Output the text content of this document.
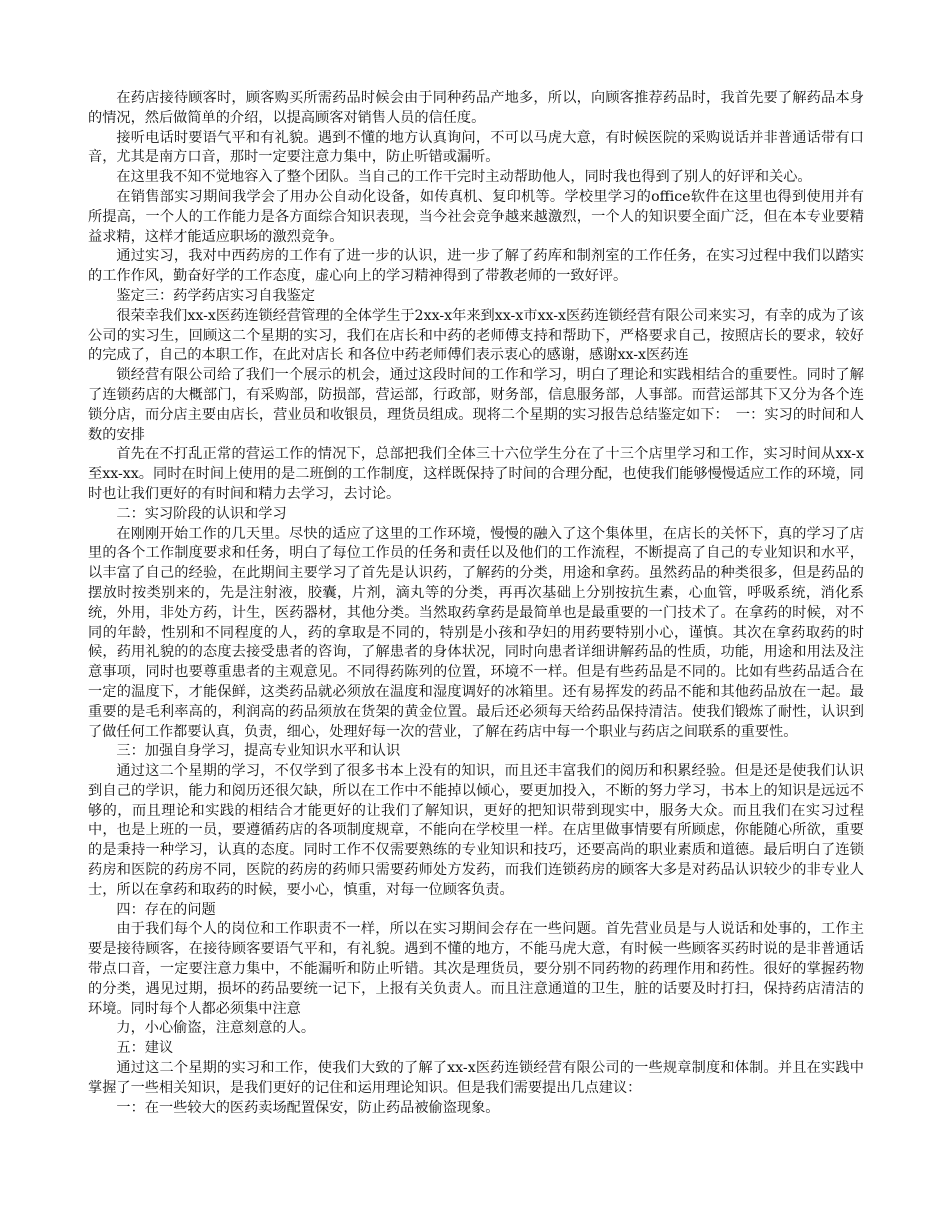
在药店接待顾客时，顾客购买所需药品时候会由于同种药品产地多，所以，向顾客推荐药品时，我首先要了解药品本身的情况，然后做简单的介绍，以提高顾客对销售人员的信任度。

接听电话时要语气平和有礼貌。遇到不懂的地方认真询问，不可以马虎大意，有时候医院的采购说话并非普通话带有口音，尤其是南方口音，那时一定要注意力集中，防止听错或漏听。

在这里我不知不觉地容入了整个团队。当自己的工作干完时主动帮助他人，同时我也得到了别人的好评和关心。

在销售部实习期间我学会了用办公自动化设备，如传真机、复印机等。学校里学习的office软件在这里也得到使用并有所提高，一个人的工作能力是各方面综合知识表现，当今社会竞争越来越激烈，一个人的知识要全面广泛，但在本专业要精益求精，这样才能适应职场的激烈竞争。

通过实习，我对中西药房的工作有了进一步的认识，进一步了解了药库和制剂室的工作任务，在实习过程中我们以踏实的工作作风，勤奋好学的工作态度，虚心向上的学习精神得到了带教老师的一致好评。

鉴定三：药学药店实习自我鉴定

很荣幸我们xx-x医药连锁经营管理的全体学生于2xx-x年来到xx-x市xx-x医药连锁经营有限公司来实习，有幸的成为了该公司的实习生，回顾这二个星期的实习，我们在店长和中药的老师傅支持和帮助下，严格要求自己，按照店长的要求，较好的完成了，自己的本职工作，在此对店长 和各位中药老师傅们表示衷心的感谢，感谢xx-x医药连

锁经营有限公司给了我们一个展示的机会，通过这段时间的工作和学习，明白了理论和实践相结合的重要性。同时了解了连锁药店的大概部门，有采购部，防损部，营运部，行政部，财务部，信息服务部，人事部。而营运部其下又分为各个连锁分店，而分店主要由店长，营业员和收银员，理货员组成。现将二个星期的实习报告总结鉴定如下：　一：实习的时间和人数的安排

首先在不打乱正常的营运工作的情况下，总部把我们全体三十六位学生分在了十三个店里学习和工作，实习时间从xx-x至xx-xx。同时在时间上使用的是二班倒的工作制度，这样既保持了时间的合理分配，也使我们能够慢慢适应工作的环境，同时也让我们更好的有时间和精力去学习，去讨论。

二：实习阶段的认识和学习

在刚刚开始工作的几天里。尽快的适应了这里的工作环境，慢慢的融入了这个集体里，在店长的关怀下，真的学习了店里的各个工作制度要求和任务，明白了每位工作员的任务和责任以及他们的工作流程，不断提高了自己的专业知识和水平，以丰富了自己的经验，在此期间主要学习了首先是认识药，了解药的分类，用途和拿药。虽然药品的种类很多，但是药品的摆放时按类别来的，先是注射液，胶囊，片剂，滴丸等的分类，再再次基础上分别按抗生素，心血管，呼吸系统，消化系统，外用，非处方药，计生，医药器材，其他分类。当然取药拿药是最简单也是最重要的一门技术了。在拿药的时候，对不同的年龄，性别和不同程度的人，药的拿取是不同的，特别是小孩和孕妇的用药要特别小心，谨慎。其次在拿药取药的时候，药用礼貌的的态度去接受患者的咨询，了解患者的身体状况，同时向患者详细讲解药品的性质，功能，用途和用法及注意事项，同时也要尊重患者的主观意见。不同得药陈列的位置，环境不一样。但是有些药品是不同的。比如有些药品适合在一定的温度下，才能保鲜，这类药品就必须放在温度和湿度调好的冰箱里。还有易挥发的药品不能和其他药品放在一起。最重要的是毛利率高的，利润高的药品须放在货架的黄金位置。最后还必须每天给药品保持清洁。使我们锻炼了耐性，认识到了做任何工作都要认真，负责，细心，处理好每一次的营业，了解在药店中每一个职业与药店之间联系的重要性。

三：加强自身学习，提高专业知识水平和认识

通过这二个星期的学习，不仅学到了很多书本上没有的知识，而且还丰富我们的阅历和积累经验。但是还是使我们认识到自己的学识，能力和阅历还很欠缺，所以在工作中不能掉以倾心，要更加投入，不断的努力学习，书本上的知识是远远不够的，而且理论和实践的相结合才能更好的让我们了解知识，更好的把知识带到现实中，服务大众。而且我们在实习过程中，也是上班的一员，要遵循药店的各项制度规章，不能向在学校里一样。在店里做事情要有所顾虑，你能随心所欲，重要的是秉持一种学习，认真的态度。同时工作不仅需要熟练的专业知识和技巧，还要高尚的职业素质和道德。最后明白了连锁药房和医院的药房不同，医院的药房的药师只需要药师处方发药，而我们连锁药房的顾客大多是对药品认识较少的非专业人士，所以在拿药和取药的时候，要小心，慎重，对每一位顾客负责。

四：存在的问题

由于我们每个人的岗位和工作职责不一样，所以在实习期间会存在一些问题。首先营业员是与人说话和处事的，工作主要是接待顾客，在接待顾客要语气平和，有礼貌。遇到不懂的地方，不能马虎大意，有时候一些顾客买药时说的是非普通话带点口音，一定要注意力集中，不能漏听和防止听错。其次是理货员，要分别不同药物的药理作用和药性。很好的掌握药物的分类，遇见过期，损坏的药品要统一记下，上报有关负责人。而且注意通道的卫生，脏的话要及时打扫，保持药店清洁的环境。同时每个人都必须集中注意

力，小心偷盗，注意刻意的人。

五：建议

通过这二个星期的实习和工作，使我们大致的了解了xx-x医药连锁经营有限公司的一些规章制度和体制。并且在实践中掌握了一些相关知识，是我们更好的记住和运用理论知识。但是我们需要提出几点建议：

一：在一些较大的医药卖场配置保安，防止药品被偷盗现象。
